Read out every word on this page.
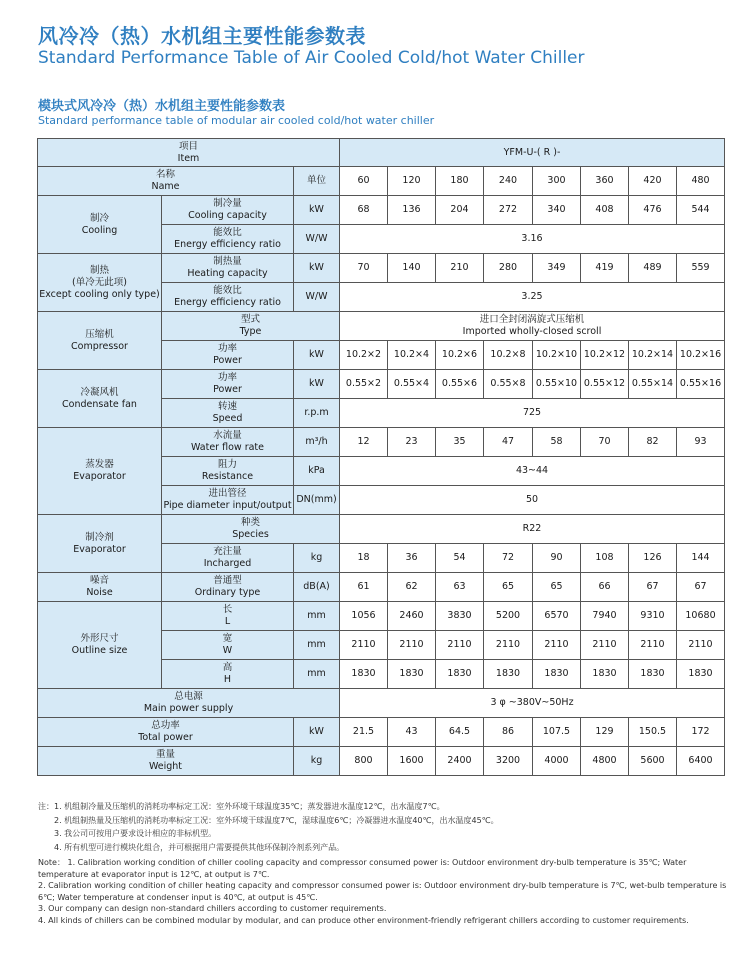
风冷冷（热）水机组主要性能参数表
Standard Performance Table of Air Cooled Cold/hot Water Chiller
模块式风冷冷（热）水机组主要性能参数表
Standard performance table of modular air cooled cold/hot water chiller
项目
Item			YFM-U-( R )-							

名称
Name		单位	60	120	180	240	300	360	420	480

制冷
Cooling	制冷量
Cooling capacity	kW	68	136	204	272	340	408	476	544

	能效比
Energy efficiency ratio	W/W	3.16							

制热
(单冷无此项)
Except cooling only type)	制热量
Heating capacity	kW	70	140	210	280	349	419	489	559

	能效比
Energy efficiency ratio	W/W	3.25							

压缩机
Compressor	型式
Type		进口全封闭涡旋式压缩机
Imported wholly-closed scroll							

	功率
Power	kW	10.2×2	10.2×4	10.2×6	10.2×8	10.2×10	10.2×12	10.2×14	10.2×16

冷凝风机
Condensate fan	功率
Power	kW	0.55×2	0.55×4	0.55×6	0.55×8	0.55×10	0.55×12	0.55×14	0.55×16

	转速
Speed	r.p.m	725							

蒸发器
Evaporator	水流量
Water flow rate	m³/h	12	23	35	47	58	70	82	93

	阻力
Resistance	kPa	43~44							

	进出管径
Pipe diameter input/output	DN(mm)	50							

制冷剂
Evaporator	种类
Species		R22							

	充注量
Incharged	kg	18	36	54	72	90	108	126	144

噪音
Noise	普通型
Ordinary type	dB(A)	61	62	63	65	65	66	67	67

外形尺寸
Outline size	长
L	mm	1056	2460	3830	5200	6570	7940	9310	10680

	宽
W	mm	2110	2110	2110	2110	2110	2110	2110	2110

	高
H	mm	1830	1830	1830	1830	1830	1830	1830	1830

总电源
Main power supply			3 φ ~380V~50Hz							

总功率
Total power		kW	21.5	43	64.5	86	107.5	129	150.5	172

重量
Weight		kg	800	1600	2400	3200	4000	4800	5600	6400
注：1. 机组制冷量及压缩机的消耗功率标定工况：室外环境干球温度35℃；蒸发器进水温度12℃，出水温度7℃。
2. 机组制热量及压缩机的消耗功率标定工况：室外环境干球温度7℃，湿球温度6℃；冷凝器进水温度40℃，出水温度45℃。
3. 我公司可按用户要求设计相应的非标机型。
4. 所有机型可进行模块化组合，并可根据用户需要提供其他环保制冷剂系列产品。
Note： 1. Calibration working condition of chiller cooling capacity and compressor consumed power is: Outdoor environment dry-bulb temperature is 35℃; Water temperature at evaporator input is 12℃, at output is 7℃.
2. Calibration working condition of chiller heating capacity and compressor consumed power is: Outdoor environment dry-bulb temperature is 7℃, wet-bulb temperature is 6℃; Water temperature at condenser input is 40℃, at output is 45℃.
3. Our company can design non-standard chillers according to customer requirements.
4. All kinds of chillers can be combined modular by modular, and can produce other environment-friendly refrigerant chillers according to customer requirements.
